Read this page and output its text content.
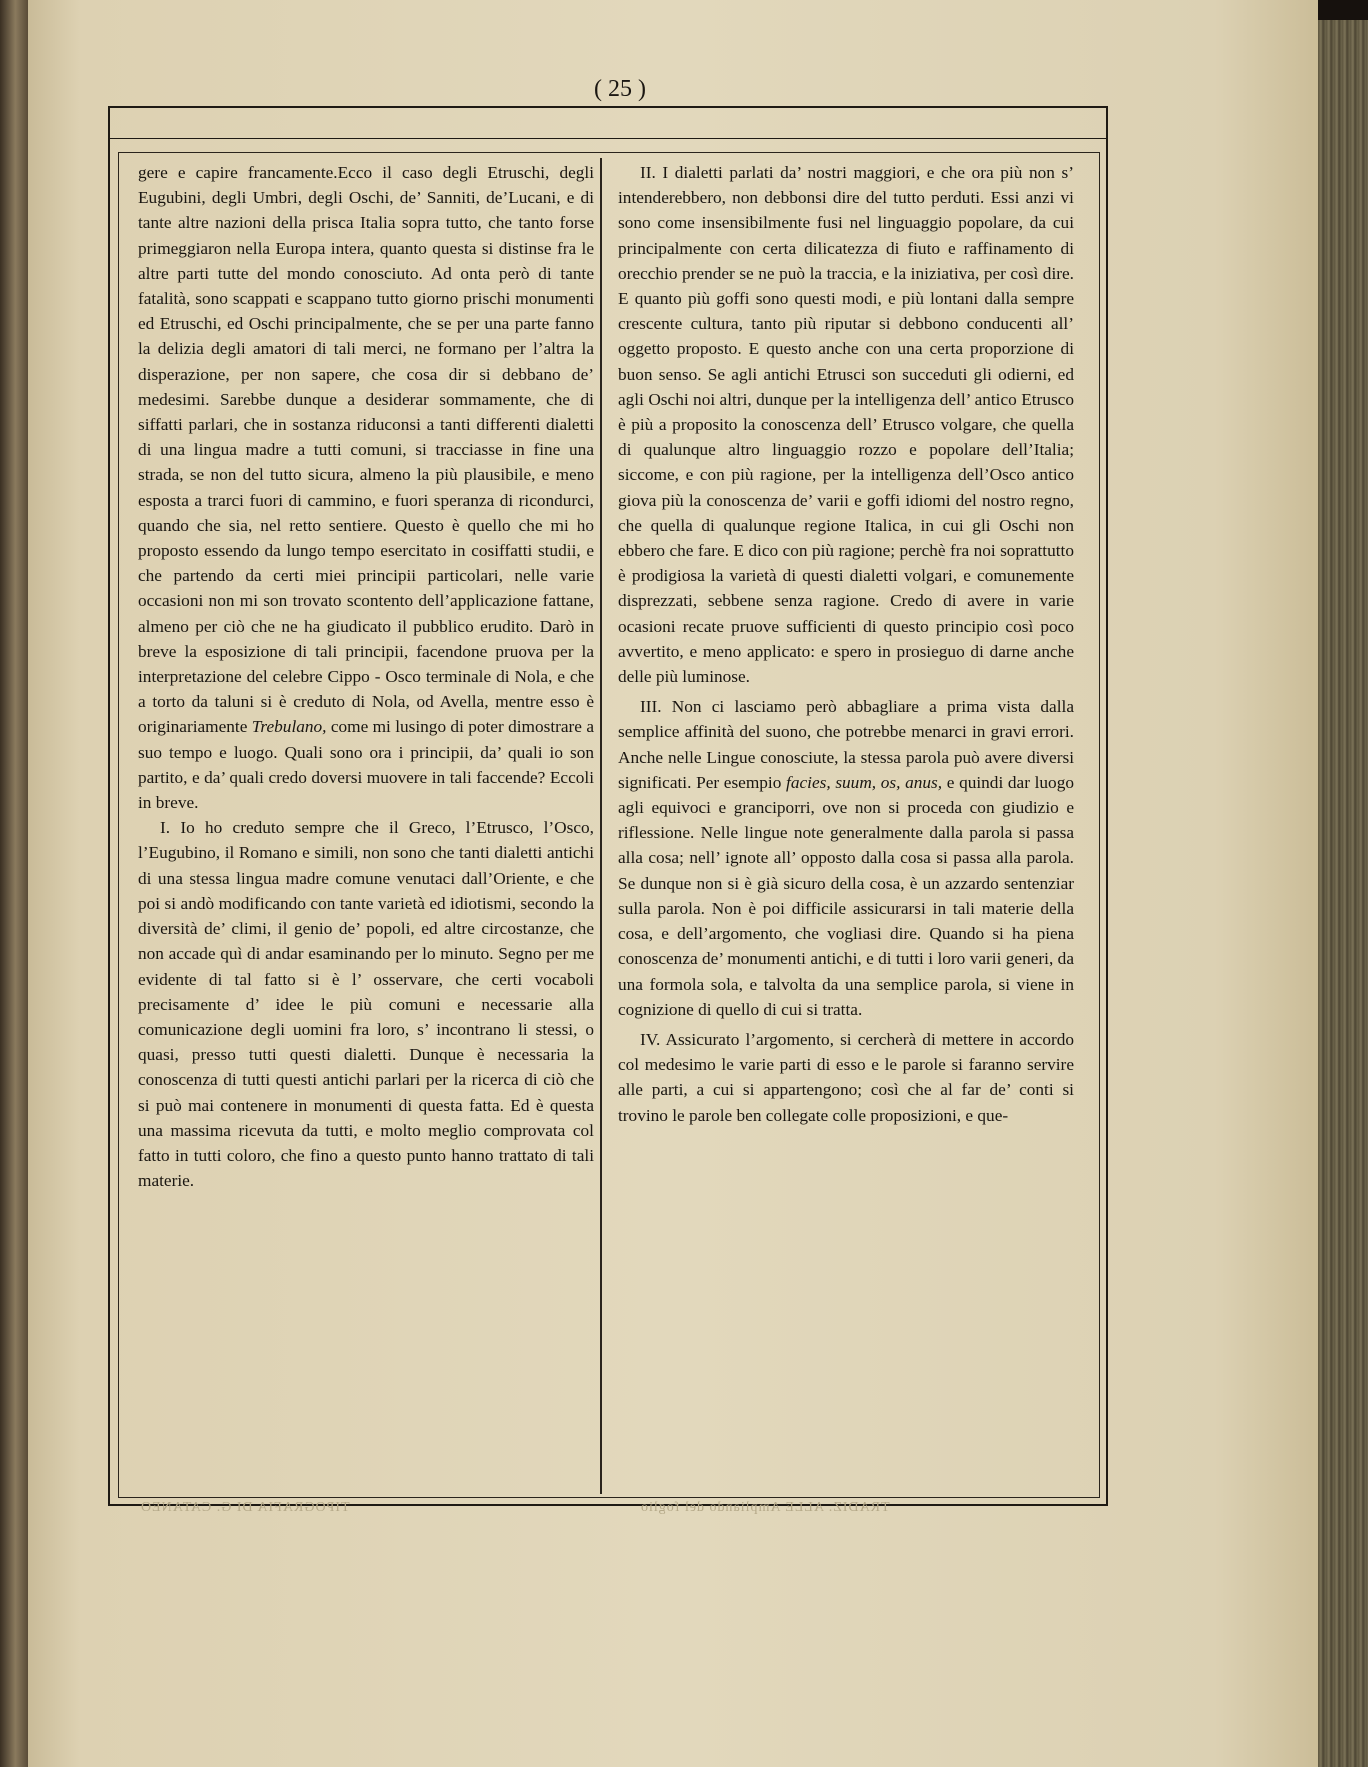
( 25 )

gere e capire francamente.Ecco il caso degli Etruschi, degli Eugubini, degli Umbri, degli Oschi, de’ Sanniti, de’Lucani, e di tante altre nazioni della prisca Italia sopra tutto, che tanto forse primeggiaron nella Europa intera, quanto questa si distinse fra le altre parti tutte del mondo conosciuto. Ad onta però di tante fatalità, sono scappati e scappano tutto giorno prischi monumenti ed Etruschi, ed Oschi principalmente, che se per una parte fanno la delizia degli amatori di tali merci, ne formano per l’altra la disperazione, per non sapere, che cosa dir si debbano de’ medesimi. Sarebbe dunque a desiderar sommamente, che di siffatti parlari, che in sostanza riduconsi a tanti differenti dialetti di una lingua madre a tutti comuni, si tracciasse in fine una strada, se non del tutto sicura, almeno la più plausibile, e meno esposta a trarci fuori di cammino, e fuori speranza di ricondurci, quando che sia, nel retto sentiere. Questo è quello che mi ho proposto essendo da lungo tempo esercitato in cosiffatti studii, e che partendo da certi miei principii particolari, nelle varie occasioni non mi son trovato scontento dell’applicazione fattane, almeno per ciò che ne ha giudicato il pubblico erudito. Darò in breve la esposizione di tali principii, facendone pruova per la interpretazione del celebre Cippo - Osco terminale di Nola, e che a torto da taluni si è creduto di Nola, od Avella, mentre esso è originariamente Trebulano, come mi lusingo di poter dimostrare a suo tempo e luogo. Quali sono ora i principii, da’ quali io son partito, e da’ quali credo doversi muovere in tali faccende? Eccoli in breve.

I. Io ho creduto sempre che il Greco, l’Etrusco, l’Osco, l’Eugubino, il Romano e simili, non sono che tanti dialetti antichi di una stessa lingua madre comune venutaci dall’Oriente, e che poi si andò modificando con tante varietà ed idiotismi, secondo la diversità de’ climi, il genio de’ popoli, ed altre circostanze, che non accade quì di andar esaminando per lo minuto. Segno per me evidente di tal fatto si è l’ osservare, che certi vocaboli precisamente d’ idee le più comuni e necessarie alla comunicazione degli uomini fra loro, s’ incontrano li stessi, o quasi, presso tutti questi dialetti. Dunque è necessaria la conoscenza di tutti questi antichi parlari per la ricerca di ciò che si può mai contenere in monumenti di questa fatta. Ed è questa una massima ricevuta da tutti, e molto meglio comprovata col fatto in tutti coloro, che fino a questo punto hanno trattato di tali materie.

II. I dialetti parlati da’ nostri maggiori, e che ora più non s’ intenderebbero, non debbonsi dire del tutto perduti. Essi anzi vi sono come insensibilmente fusi nel linguaggio popolare, da cui principalmente con certa dilicatezza di fiuto e raffinamento di orecchio prender se ne può la traccia, e la iniziativa, per così dire. E quanto più goffi sono questi modi, e più lontani dalla sempre crescente cultura, tanto più riputar si debbono conducenti all’ oggetto proposto. E questo anche con una certa proporzione di buon senso. Se agli antichi Etrusci son succeduti gli odierni, ed agli Oschi noi altri, dunque per la intelligenza dell’ antico Etrusco è più a proposito la conoscenza dell’ Etrusco volgare, che quella di qualunque altro linguaggio rozzo e popolare dell’Italia; siccome, e con più ragione, per la intelligenza dell’Osco antico giova più la conoscenza de’ varii e goffi idiomi del nostro regno, che quella di qualunque regione Italica, in cui gli Oschi non ebbero che fare. E dico con più ragione; perchè fra noi soprattutto è prodigiosa la varietà di questi dialetti volgari, e comunemente disprezzati, sebbene senza ragione. Credo di avere in varie ocasioni recate pruove sufficienti di questo principio così poco avvertito, e meno applicato: e spero in prosieguo di darne anche delle più luminose.

III. Non ci lasciamo però abbagliare a prima vista dalla semplice affinità del suono, che potrebbe menarci in gravi errori. Anche nelle Lingue conosciute, la stessa parola può avere diversi significati. Per esempio facies, suum, os, anus, e quindi dar luogo agli equivoci e granciporri, ove non si proceda con giudizio e riflessione. Nelle lingue note generalmente dalla parola si passa alla cosa; nell’ ignote all’ opposto dalla cosa si passa alla parola. Se dunque non si è già sicuro della cosa, è un azzardo sentenziar sulla parola. Non è poi difficile assicurarsi in tali materie della cosa, e dell’argomento, che vogliasi dire. Quando si ha piena conoscenza de’ monumenti antichi, e di tutti i loro varii generi, da una formola sola, e talvolta da una semplice parola, si viene in cognizione di quello di cui si tratta.

IV. Assicurato l’argomento, si cercherà di mettere in accordo col medesimo le varie parti di esso e le parole si faranno servire alle parti, a cui si appartengono; così che al far de’ conti si trovino le parole ben collegate colle proposizioni, e que-

TIPOGRAFIA DI G. CATANEO	TRADIZ. ALLE Ampliando del foglio
